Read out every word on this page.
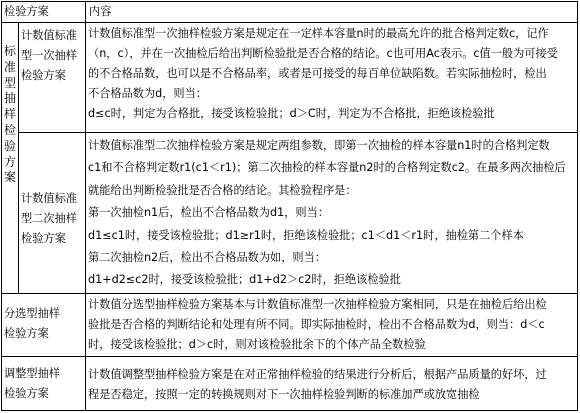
检验方案	内容
标准型抽样检验方案
计数值标准
型一次抽样
检验方案
计数值标准型一次抽样检验方案是规定在一定样本容量n时的最高允许的批合格判定数c，记作
（n，c），并在一次抽检后给出判断检验批是否合格的结论。c也可用Ac表示。c值一般为可接受
的不合格品数，也可以是不合格品率，或者是可接受的每百单位缺陷数。若实际抽检时，检出
不合格品数为d，则当：
d≤c时，判定为合格批，接受该检验批；d＞C时，判定为不合格批，拒绝该检验批
计数值标准
型二次抽样
检验方案
计数值标准型二次抽样检验方案是规定两组参数，即第一次抽检的样本容量n1时的合格判定数
c1和不合格判定数r1(c1＜r1)；第二次抽检的样本容量n2时的合格判定数c2。在最多两次抽检后
就能给出判断检验批是否合格的结论。其检验程序是：
第一次抽检n1后，检出不合格品数为d1，则当：
d1≤c1时，接受该检验批；d1≥r1时，拒绝该检验批；c1＜d1＜r1时，抽检第二个样本
第二次抽检n2后，检出不合格品数为如，则当：
d1+d2≤c2时，接受该检验批；d1+d2＞c2时，拒绝该检验批
分选型抽样
检验方案
计数值分选型抽样检验方案基本与计数值标准型一次抽样检验方案相同，只是在抽检后给出检
验批是否合格的判断结论和处理有所不同。即实际抽检时，检出不合格品数为d，则当：d＜c
时，接受该检验批；d＞c时，则对该检验批余下的个体产品全数检验
调整型抽样
检验方案
计数值调整型抽样检验方案是在对正常抽样检验的结果进行分析后，根据产品质量的好坏，过
程是否稳定，按照一定的转换规则对下一次抽样检验判断的标准加严或放宽抽检
